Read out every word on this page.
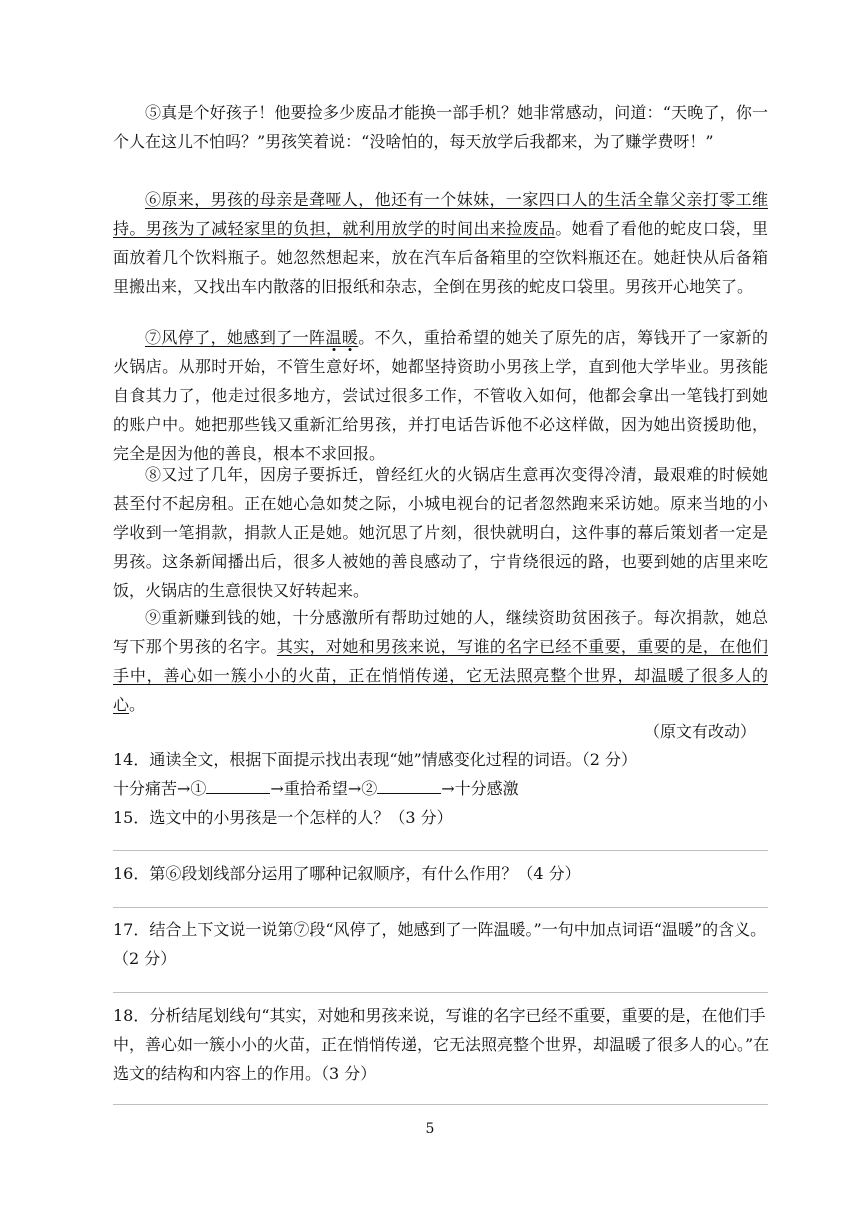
⑤真是个好孩子！他要捡多少废品才能换一部手机？她非常感动，问道：“天晚了，你一个人在这儿不怕吗？”男孩笑着说：“没啥怕的，每天放学后我都来，为了赚学费呀！”

⑥原来，男孩的母亲是聋哑人，他还有一个妹妹，一家四口人的生活全靠父亲打零工维持。男孩为了减轻家里的负担，就利用放学的时间出来捡废品。她看了看他的蛇皮口袋，里面放着几个饮料瓶子。她忽然想起来，放在汽车后备箱里的空饮料瓶还在。她赶快从后备箱里搬出来，又找出车内散落的旧报纸和杂志，全倒在男孩的蛇皮口袋里。男孩开心地笑了。

⑦风停了，她感到了一阵温暖。不久，重拾希望的她关了原先的店，筹钱开了一家新的火锅店。从那时开始，不管生意好坏，她都坚持资助小男孩上学，直到他大学毕业。男孩能自食其力了，他走过很多地方，尝试过很多工作，不管收入如何，他都会拿出一笔钱打到她的账户中。她把那些钱又重新汇给男孩，并打电话告诉他不必这样做，因为她出资援助他，完全是因为他的善良，根本不求回报。

⑧又过了几年，因房子要拆迁，曾经红火的火锅店生意再次变得冷清，最艰难的时候她甚至付不起房租。正在她心急如焚之际，小城电视台的记者忽然跑来采访她。原来当地的小学收到一笔捐款，捐款人正是她。她沉思了片刻，很快就明白，这件事的幕后策划者一定是男孩。这条新闻播出后，很多人被她的善良感动了，宁肯绕很远的路，也要到她的店里来吃饭，火锅店的生意很快又好转起来。

⑨重新赚到钱的她，十分感激所有帮助过她的人，继续资助贫困孩子。每次捐款，她总写下那个男孩的名字。其实，对她和男孩来说，写谁的名字已经不重要，重要的是，在他们手中，善心如一簇小小的火苗，正在悄悄传递，它无法照亮整个世界，却温暖了很多人的心。

（原文有改动）

14．通读全文，根据下面提示找出表现“她”情感变化过程的词语。（2 分）

十分痛苦→①	→重拾希望→②	→十分感激

15．选文中的小男孩是一个怎样的人？（3 分）

16．第⑥段划线部分运用了哪种记叙顺序，有什么作用？（4 分）

17．结合上下文说一说第⑦段“风停了，她感到了一阵温暖。”一句中加点词语“温暖”的含义。（2 分）

18．分析结尾划线句“其实，对她和男孩来说，写谁的名字已经不重要，重要的是，在他们手中，善心如一簇小小的火苗，正在悄悄传递，它无法照亮整个世界，却温暖了很多人的心。”在选文的结构和内容上的作用。（3 分）

5
